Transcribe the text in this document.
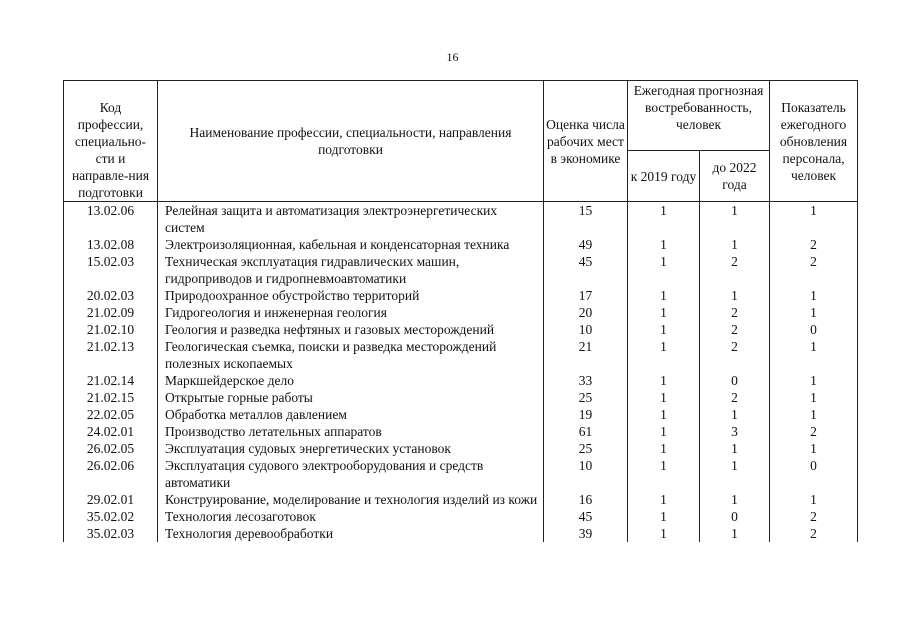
16
Код профессии, специально-сти и направле-ния подготовки	Наименование профессии, специальности, направления подготовки	Оценка числа рабочих мест в экономике	Ежегодная прогнозная востребованность, человек		Показатель ежегодного обновления персонала, человек
			к 2019 году	до 2022 года	
13.02.06	Релейная защита и автоматизация электроэнергетических систем	15	1	1	1
13.02.08	Электроизоляционная, кабельная и конденсаторная техника	49	1	1	2
15.02.03	Техническая эксплуатация гидравлических машин, гидроприводов и гидропневмоавтоматики	45	1	2	2
20.02.03	Природоохранное обустройство территорий	17	1	1	1
21.02.09	Гидрогеология и инженерная геология	20	1	2	1
21.02.10	Геология и разведка нефтяных и газовых месторождений	10	1	2	0
21.02.13	Геологическая съемка, поиски и разведка месторождений полезных ископаемых	21	1	2	1
21.02.14	Маркшейдерское дело	33	1	0	1
21.02.15	Открытые горные работы	25	1	2	1
22.02.05	Обработка металлов давлением	19	1	1	1
24.02.01	Производство летательных аппаратов	61	1	3	2
26.02.05	Эксплуатация судовых энергетических установок	25	1	1	1
26.02.06	Эксплуатация судового электрооборудования и средств автоматики	10	1	1	0
29.02.01	Конструирование, моделирование и технология изделий из кожи	16	1	1	1
35.02.02	Технология лесозаготовок	45	1	0	2
35.02.03	Технология деревообработки	39	1	1	2
